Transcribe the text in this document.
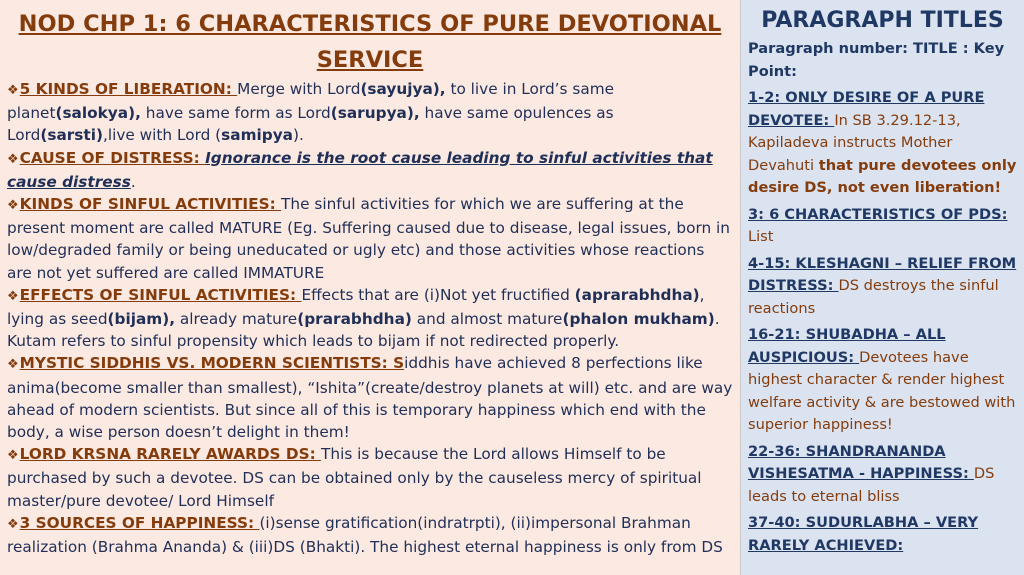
NOD CHP 1: 6 CHARACTERISTICS OF PURE DEVOTIONAL SERVICE

❖5 KINDS OF LIBERATION: Merge with Lord(sayujya), to live in Lord’s same planet(salokya), have same form as Lord(sarupya), have same opulences as Lord(sarsti),live with Lord (samipya).

❖CAUSE OF DISTRESS: Ignorance is the root cause leading to sinful activities that cause distress.

❖KINDS OF SINFUL ACTIVITIES: The sinful activities for which we are suffering at the present moment are called MATURE (Eg. Suffering caused due to disease, legal issues, born in low/degraded family or being uneducated or ugly etc) and those activities whose reactions are not yet suffered are called IMMATURE

❖EFFECTS OF SINFUL ACTIVITIES: Effects that are (i)Not yet fructified (aprarabhdha), lying as seed(bijam), already mature(prarabhdha) and almost mature(phalon mukham). Kutam refers to sinful propensity which leads to bijam if not redirected properly.

❖MYSTIC SIDDHIS VS. MODERN SCIENTISTS: Siddhis have achieved 8 perfections like anima(become smaller than smallest), “Ishita”(create/destroy planets at will) etc. and are way ahead of modern scientists. But since all of this is temporary happiness which end with the body, a wise person doesn’t delight in them!

❖LORD KRSNA RARELY AWARDS DS: This is because the Lord allows Himself to be purchased by such a devotee. DS can be obtained only by the causeless mercy of spiritual master/pure devotee/ Lord Himself

❖3 SOURCES OF HAPPINESS: (i)sense gratification(indratrpti), (ii)impersonal Brahman realization (Brahma Ananda) & (iii)DS (Bhakti). The highest eternal happiness is only from DS

PARAGRAPH TITLES

Paragraph number: TITLE : Key Point:

1-2: ONLY DESIRE OF A PURE DEVOTEE: In SB 3.29.12-13, Kapiladeva instructs Mother Devahuti that pure devotees only desire DS, not even liberation!

3: 6 CHARACTERISTICS OF PDS: List

4-15: KLESHAGNI – RELIEF FROM DISTRESS: DS destroys the sinful reactions

16-21: SHUBADHA – ALL AUSPICIOUS: Devotees have highest character & render highest welfare activity & are bestowed with superior happiness!

22-36: SHANDRANANDA VISHESATMA - HAPPINESS: DS leads to eternal bliss

37-40: SUDURLABHA – VERY RARELY ACHIEVED:
